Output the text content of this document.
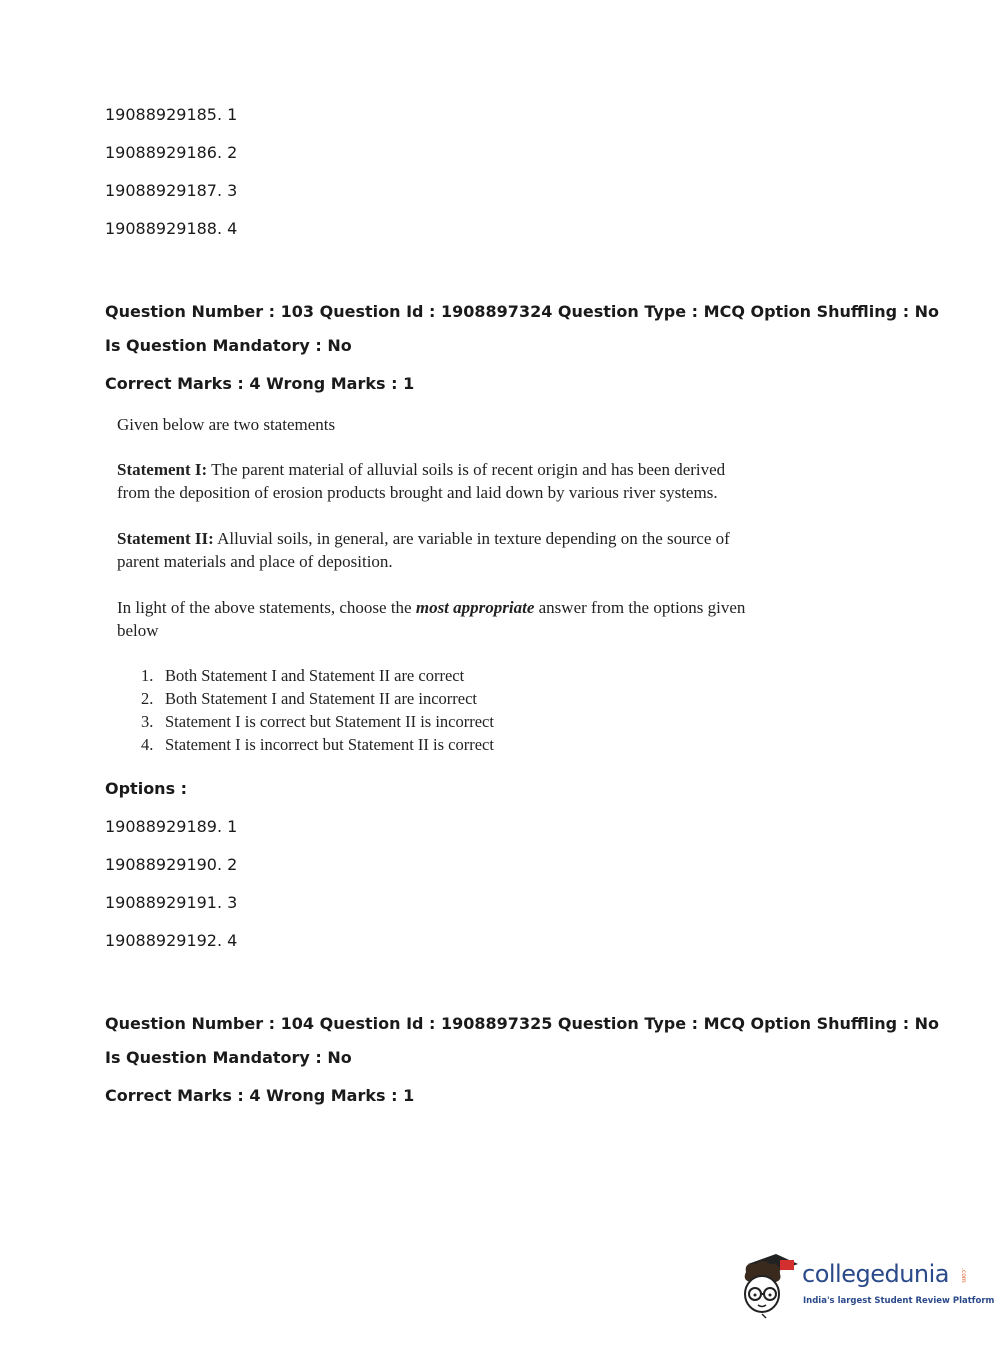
19088929185. 1
19088929186. 2
19088929187. 3
19088929188. 4
Question Number : 103 Question Id : 1908897324 Question Type : MCQ Option Shuffling : No
Is Question Mandatory : No
Correct Marks : 4 Wrong Marks : 1
Given below are two statements
Statement I: The parent material of alluvial soils is of recent origin and has been derived
from the deposition of erosion products brought and laid down by various river systems.
Statement II: Alluvial soils, in general, are variable in texture depending on the source of
parent materials and place of deposition.
In light of the above statements, choose the most appropriate answer from the options given
below
1. Both Statement I and Statement II are correct
2. Both Statement I and Statement II are incorrect
3. Statement I is correct but Statement II is incorrect
4. Statement I is incorrect but Statement II is correct
Options :
19088929189. 1
19088929190. 2
19088929191. 3
19088929192. 4
Question Number : 104 Question Id : 1908897325 Question Type : MCQ Option Shuffling : No
Is Question Mandatory : No
Correct Marks : 4 Wrong Marks : 1
collegedunia .com
India's largest Student Review Platform
